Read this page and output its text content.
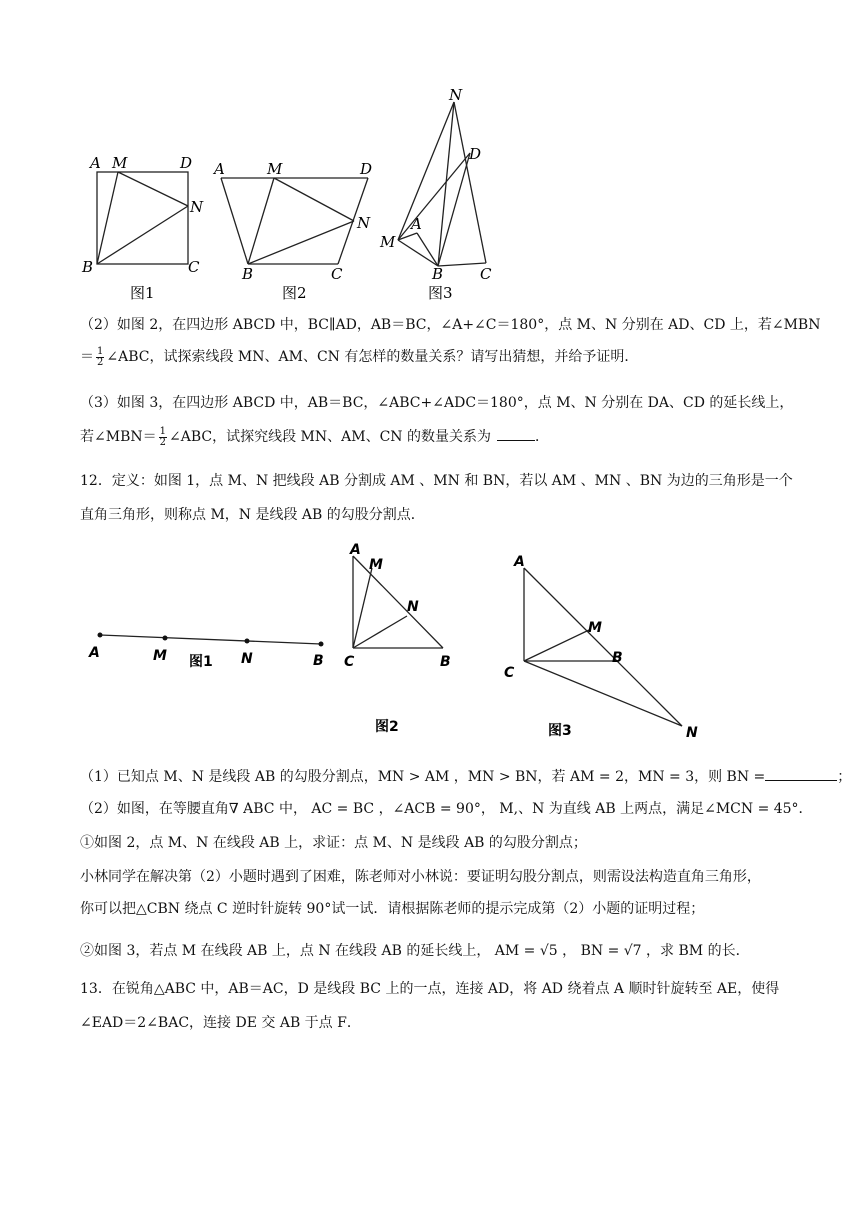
A M	D
N
B	C
图1
A	M	D
N
B	C
图2
N
D
A
M
B C
图3
（2）如图 2，在四边形 ABCD 中，BC∥AD，AB＝BC，∠A+∠C＝180°，点 M、N 分别在 AD、CD 上，若∠MBN
＝ $\frac{1}{2}$ ∠ABC，试探索线段 MN、AM、CN 有怎样的数量关系？请写出猜想，并给予证明．
（3）如图 3，在四边形 ABCD 中，AB＝BC，∠ABC+∠ADC＝180°，点 M、N 分别在 DA、CD 的延长线上，
若∠MBN＝ $\frac{1}{2}$ ∠ABC，试探究线段 MN、AM、CN 的数量关系为	．
12．定义：如图 1，点 M、N 把线段 AB 分割成 AM 、MN 和 BN，若以 AM 、MN 、BN 为边的三角形是一个
直角三角形，则称点 M，N 是线段 AB 的勾股分割点．
A	M	N	B
图1
A
M
N
C	B
图2
A
M
B
C
N
图3
（1）已知点 M、N 是线段 AB 的勾股分割点，MN > AM ，MN > BN，若 AM = 2，MN = 3，则 BN =	；
（2）如图，在等腰直角∇ ABC 中， AC = BC ，∠ACB = 90°， M,、N 为直线 AB 上两点，满足∠MCN = 45°．
①如图 2，点 M、N 在线段 AB 上，求证：点 M、N 是线段 AB 的勾股分割点；
小林同学在解决第（2）小题时遇到了困难，陈老师对小林说：要证明勾股分割点，则需设法构造直角三角形，
你可以把△CBN 绕点 C 逆时针旋转 90°试一试．请根据陈老师的提示完成第（2）小题的证明过程；
②如图 3，若点 M 在线段 AB 上，点 N 在线段 AB 的延长线上， AM = √5 ， BN = √7 ，求 BM 的长．
13．在锐角△ABC 中，AB＝AC，D 是线段 BC 上的一点，连接 AD，将 AD 绕着点 A 顺时针旋转至 AE，使得
∠EAD＝2∠BAC，连接 DE 交 AB 于点 F．
